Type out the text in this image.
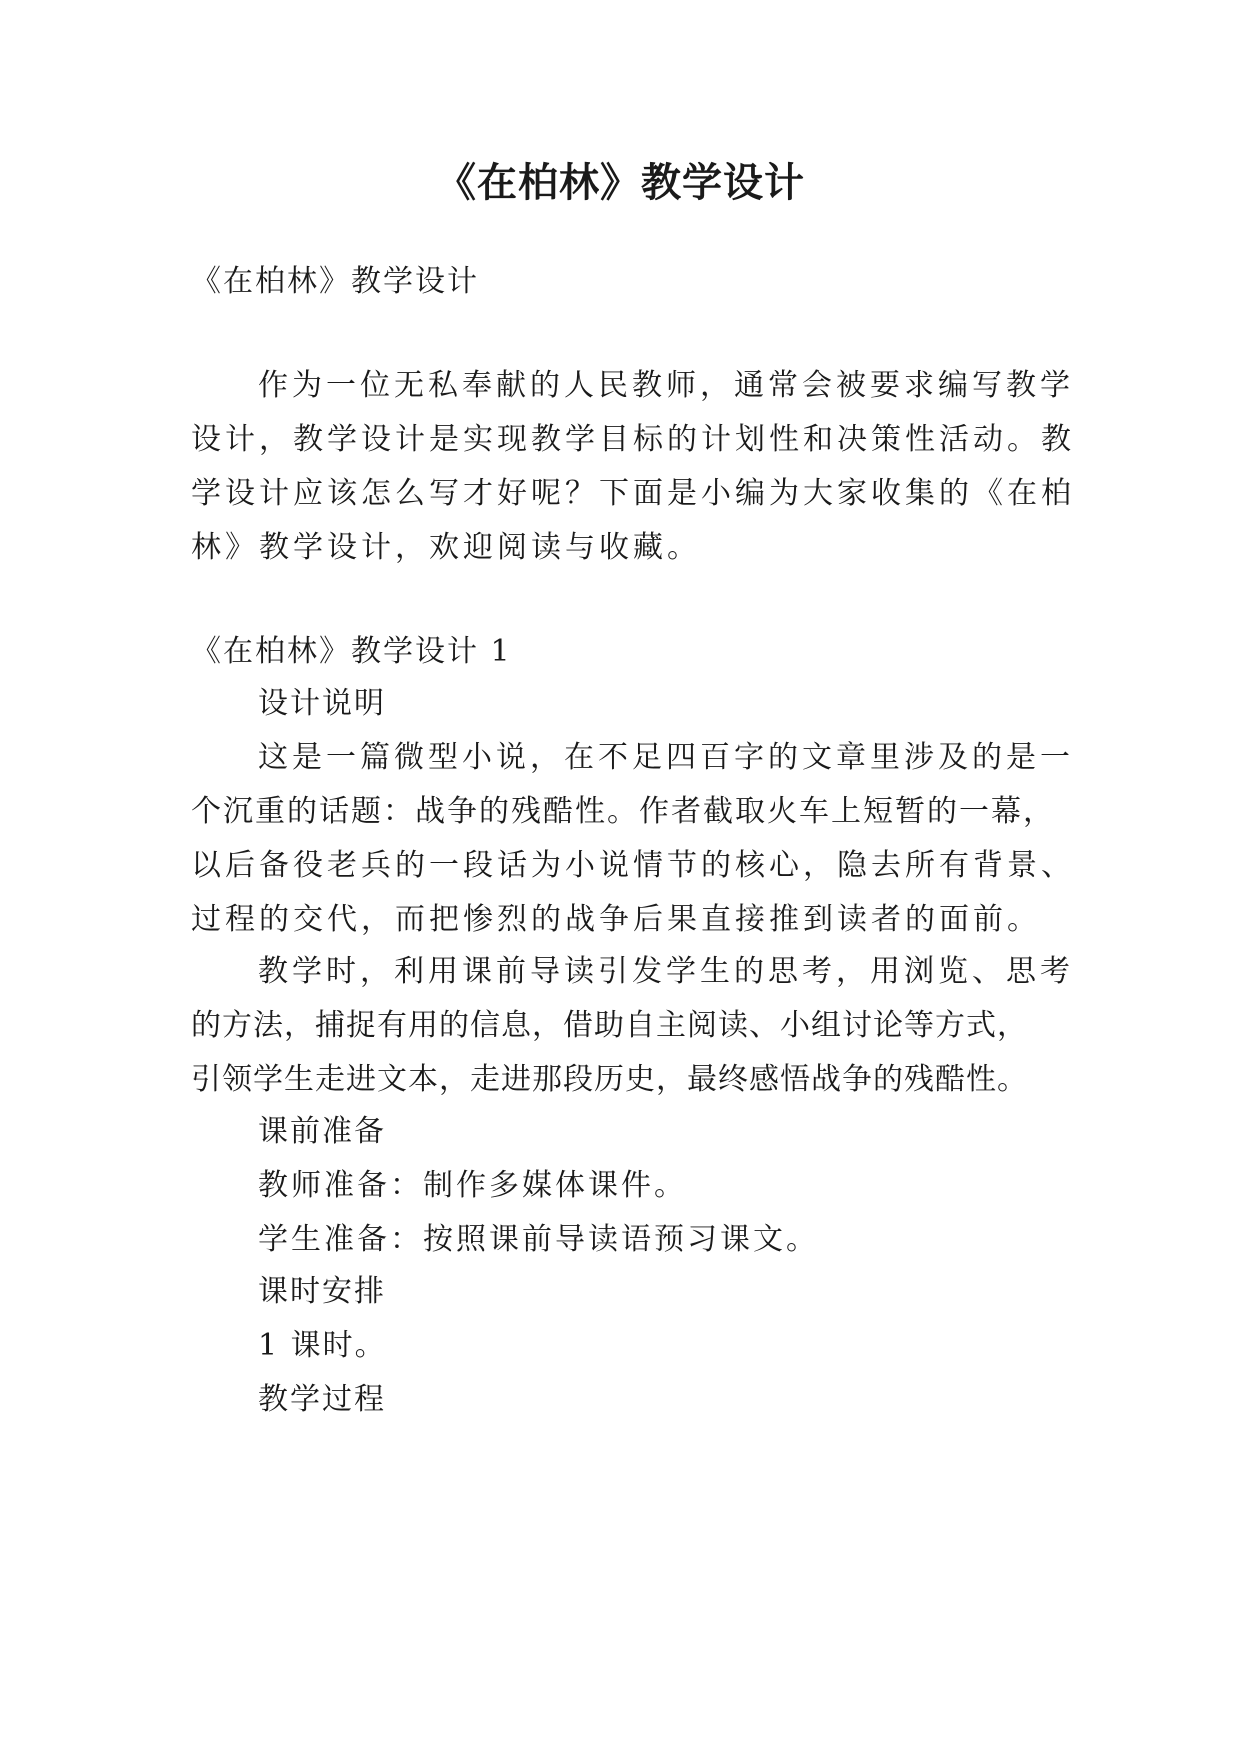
《在柏林》教学设计

《在柏林》教学设计

作为一位无私奉献的人民教师，通常会被要求编写教学

设计，教学设计是实现教学目标的计划性和决策性活动。教

学设计应该怎么写才好呢？下面是小编为大家收集的《在柏

林》教学设计，欢迎阅读与收藏。

《在柏林》教学设计 1

设计说明

这是一篇微型小说，在不足四百字的文章里涉及的是一

个沉重的话题：战争的残酷性。作者截取火车上短暂的一幕，

以后备役老兵的一段话为小说情节的核心，隐去所有背景、

过程的交代，而把惨烈的战争后果直接推到读者的面前。

教学时，利用课前导读引发学生的思考，用浏览、思考

的方法，捕捉有用的信息，借助自主阅读、小组讨论等方式，

引领学生走进文本，走进那段历史，最终感悟战争的残酷性。

课前准备

教师准备：制作多媒体课件。

学生准备：按照课前导读语预习课文。

课时安排

1 课时。

教学过程
